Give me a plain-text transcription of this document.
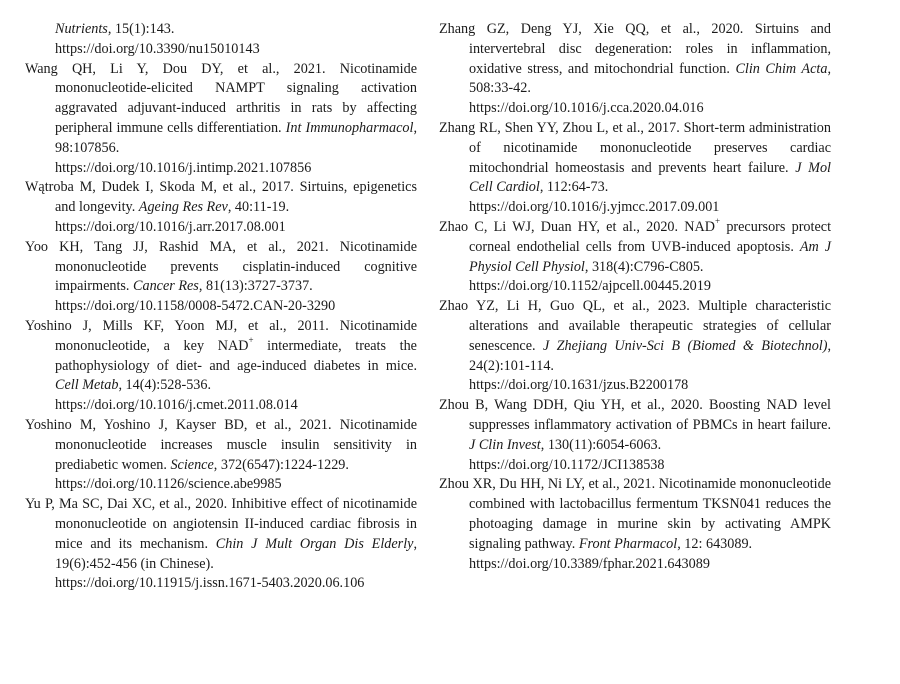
Nutrients, 15(1):143.
https://doi.org/10.3390/nu15010143
Wang QH, Li Y, Dou DY, et al., 2021. Nicotinamide mononucleotide-elicited NAMPT signaling activation aggravated adjuvant-induced arthritis in rats by affecting peripheral immune cells differentiation. Int Immunopharmacol, 98:107856.
https://doi.org/10.1016/j.intimp.2021.107856
Wątroba M, Dudek I, Skoda M, et al., 2017. Sirtuins, epigenetics and longevity. Ageing Res Rev, 40:11-19.
https://doi.org/10.1016/j.arr.2017.08.001
Yoo KH, Tang JJ, Rashid MA, et al., 2021. Nicotinamide mononucleotide prevents cisplatin-induced cognitive impairments. Cancer Res, 81(13):3727-3737.
https://doi.org/10.1158/0008-5472.CAN-20-3290
Yoshino J, Mills KF, Yoon MJ, et al., 2011. Nicotinamide mononucleotide, a key NAD+ intermediate, treats the pathophysiology of diet- and age-induced diabetes in mice. Cell Metab, 14(4):528-536.
https://doi.org/10.1016/j.cmet.2011.08.014
Yoshino M, Yoshino J, Kayser BD, et al., 2021. Nicotinamide mononucleotide increases muscle insulin sensitivity in prediabetic women. Science, 372(6547):1224-1229.
https://doi.org/10.1126/science.abe9985
Yu P, Ma SC, Dai XC, et al., 2020. Inhibitive effect of nicotinamide mononucleotide on angiotensin II-induced cardiac fibrosis in mice and its mechanism. Chin J Mult Organ Dis Elderly, 19(6):452-456 (in Chinese).
https://doi.org/10.11915/j.issn.1671-5403.2020.06.106
Zhang GZ, Deng YJ, Xie QQ, et al., 2020. Sirtuins and intervertebral disc degeneration: roles in inflammation, oxidative stress, and mitochondrial function. Clin Chim Acta, 508:33-42.
https://doi.org/10.1016/j.cca.2020.04.016
Zhang RL, Shen YY, Zhou L, et al., 2017. Short-term administration of nicotinamide mononucleotide preserves cardiac mitochondrial homeostasis and prevents heart failure. J Mol Cell Cardiol, 112:64-73.
https://doi.org/10.1016/j.yjmcc.2017.09.001
Zhao C, Li WJ, Duan HY, et al., 2020. NAD+ precursors protect corneal endothelial cells from UVB-induced apoptosis. Am J Physiol Cell Physiol, 318(4):C796-C805.
https://doi.org/10.1152/ajpcell.00445.2019
Zhao YZ, Li H, Guo QL, et al., 2023. Multiple characteristic alterations and available therapeutic strategies of cellular senescence. J Zhejiang Univ-Sci B (Biomed & Biotechnol), 24(2):101-114.
https://doi.org/10.1631/jzus.B2200178
Zhou B, Wang DDH, Qiu YH, et al., 2020. Boosting NAD level suppresses inflammatory activation of PBMCs in heart failure. J Clin Invest, 130(11):6054-6063.
https://doi.org/10.1172/JCI138538
Zhou XR, Du HH, Ni LY, et al., 2021. Nicotinamide mononucleotide combined with lactobacillus fermentum TKSN041 reduces the photoaging damage in murine skin by activating AMPK signaling pathway. Front Pharmacol, 12: 643089.
https://doi.org/10.3389/fphar.2021.643089
